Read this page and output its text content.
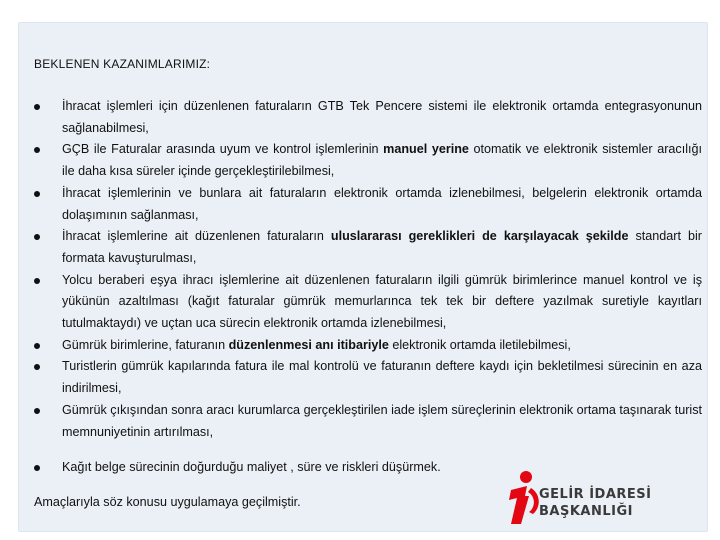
BEKLENEN KAZANIMLARIMIZ:
İhracat işlemleri için düzenlenen faturaların GTB Tek Pencere sistemi ile elektronik ortamda entegrasyonunun sağlanabilmesi,
GÇB ile Faturalar arasında uyum ve kontrol işlemlerinin manuel yerine otomatik ve elektronik sistemler aracılığı ile daha kısa süreler içinde gerçekleştirilebilmesi,
İhracat işlemlerinin ve bunlara ait faturaların elektronik ortamda izlenebilmesi, belgelerin elektronik ortamda dolaşımının sağlanması,
İhracat işlemlerine ait düzenlenen faturaların uluslararası gereklikleri de karşılayacak şekilde standart bir formata kavuşturulması,
Yolcu beraberi eşya ihracı işlemlerine ait düzenlenen faturaların ilgili gümrük birimlerince manuel kontrol ve iş yükünün azaltılması (kağıt faturalar gümrük memurlarınca tek tek bir deftere yazılmak suretiyle kayıtları tutulmaktaydı) ve uçtan uca sürecin elektronik ortamda izlenebilmesi,
Gümrük birimlerine, faturanın düzenlenmesi anı itibariyle elektronik ortamda iletilebilmesi,
Turistlerin gümrük kapılarında fatura ile mal kontrolü ve faturanın deftere kaydı için bekletilmesi sürecinin en aza indirilmesi,
Gümrük çıkışından sonra aracı kurumlarca gerçekleştirilen iade işlem süreçlerinin elektronik ortama taşınarak turist memnuniyetinin artırılması,
Kağıt belge sürecinin doğurduğu maliyet , süre ve riskleri düşürmek.
Amaçlarıyla söz konusu uygulamaya geçilmiştir.	GELİR İDARESİ
BAŞKANLIĞI
